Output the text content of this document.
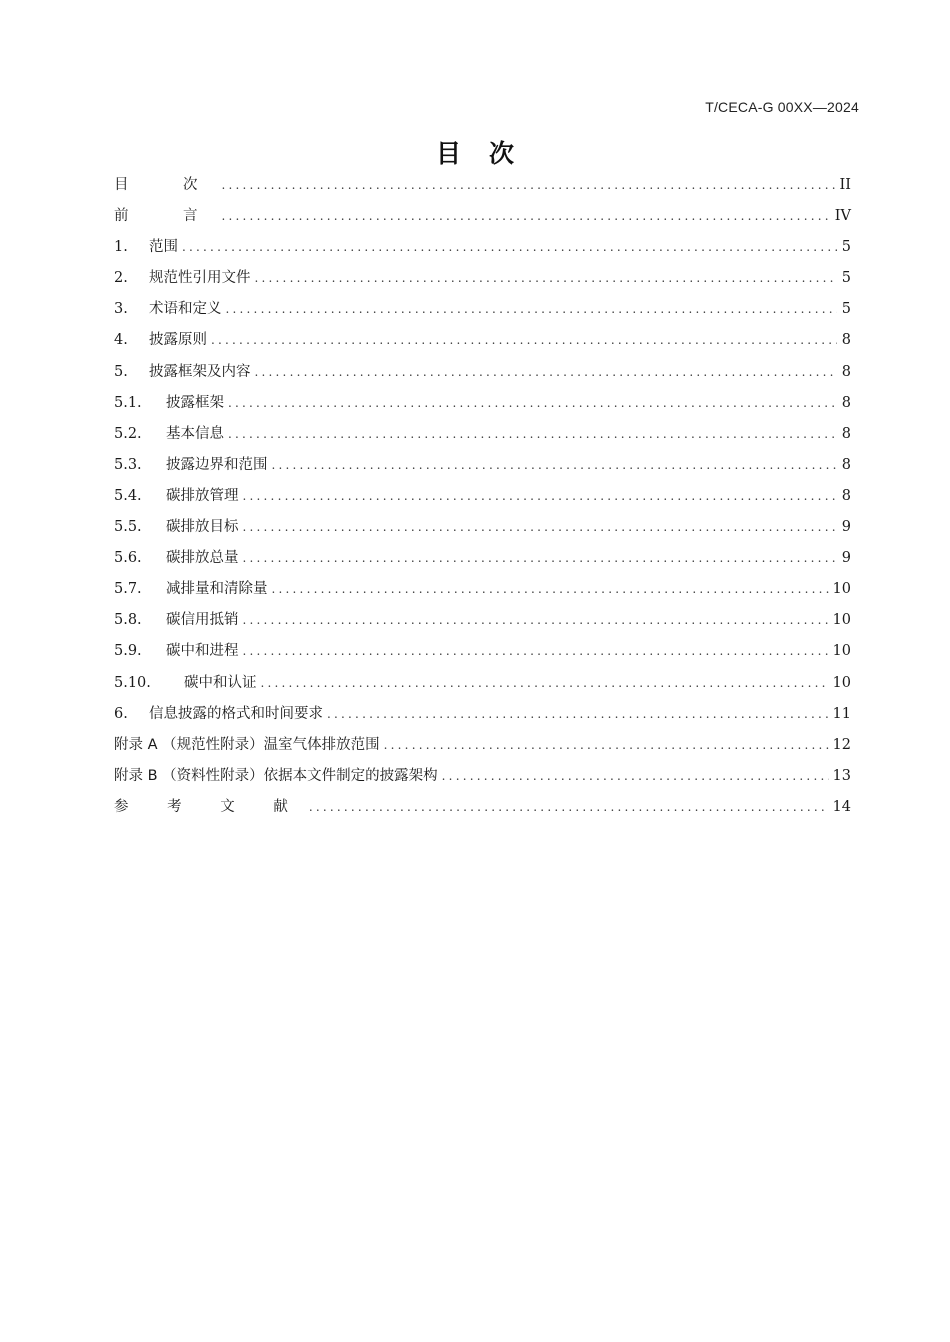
T/CECA-G 00XX—2024
目 次
目　次 .....	II
前　言 .....	IV
1.	范围 .....	5
2.	规范性引用文件 .....	5
3.	术语和定义 .....	5
4.	披露原则 .....	8
5.	披露框架及内容 .....	8
5.1.	披露框架 .....	8
5.2.	基本信息 .....	8
5.3.	披露边界和范围 .....	8
5.4.	碳排放管理 .....	8
5.5.	碳排放目标 .....	9
5.6.	碳排放总量 .....	9
5.7.	减排量和清除量 .....	10
5.8.	碳信用抵销 .....	10
5.9.	碳中和进程 .....	10
5.10.	碳中和认证 .....	10
6.	信息披露的格式和时间要求 .....	11
附录 A （规范性附录）温室气体排放范围 .....	12
附录 B （资料性附录）依据本文件制定的披露架构 .....	13
参 考 文 献 .....	14
